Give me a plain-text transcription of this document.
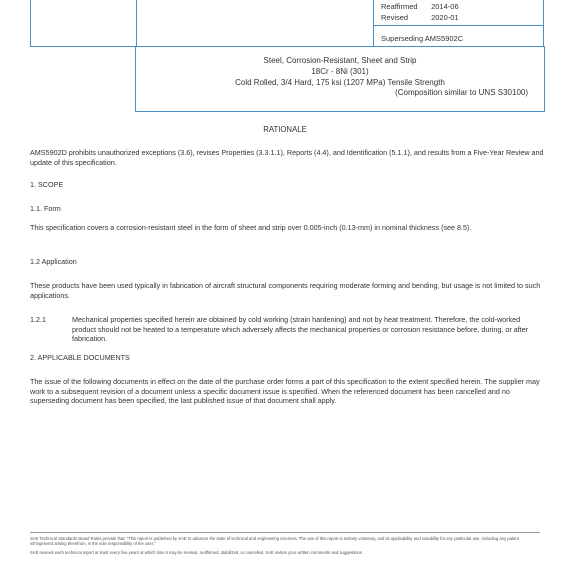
Reaffirmed 2014-06
Revised	2020-01
Superseding AMS5902C
Steel, Corrosion-Resistant, Sheet and Strip
18Cr - 8Ni (301)
Cold Rolled, 3/4 Hard, 175 ksi (1207 MPa) Tensile Strength
(Composition similar to UNS S30100)
RATIONALE
AMS5902D prohibits unauthorized exceptions (3.6), revises Properties (3.3.1.1), Reports (4.4), and Identification (5.1.1), and results from a Five-Year Review and update of this specification.
1. SCOPE
1.1. Form
This specification covers a corrosion-resistant steel in the form of sheet and strip over 0.005-inch (0.13-mm) in nominal thickness (see 8.5).
1.2 Application
These products have been used typically in fabrication of aircraft structural components requiring moderate forming and bending, but usage is not limited to such applications.
1.2.1	Mechanical properties specified herein are obtained by cold working (strain hardening) and not by heat treatment. Therefore, the cold-worked product should not be heated to a temperature which adversely affects the mechanical properties or corrosion resistance before, during, or after fabrication.
2. APPLICABLE DOCUMENTS
The issue of the following documents in effect on the date of the purchase order forms a part of this specification to the extent specified herein. The supplier may work to a subsequent revision of a document unless a specific document issue is specified. When the referenced document has been cancelled and no superseding document has been specified, the last published issue of that document shall apply.
SAE Technical Standards Board Rules provide that: "This report is published by SAE to advance the state of technical and engineering sciences. The use of this report is entirely voluntary, and its applicability and suitability for any particular use, including any patent infringement arising therefrom, is the sole responsibility of the user."
SAE reviews each technical report at least every five years at which time it may be revised, reaffirmed, stabilized, or cancelled. SAE invites your written comments and suggestions.
